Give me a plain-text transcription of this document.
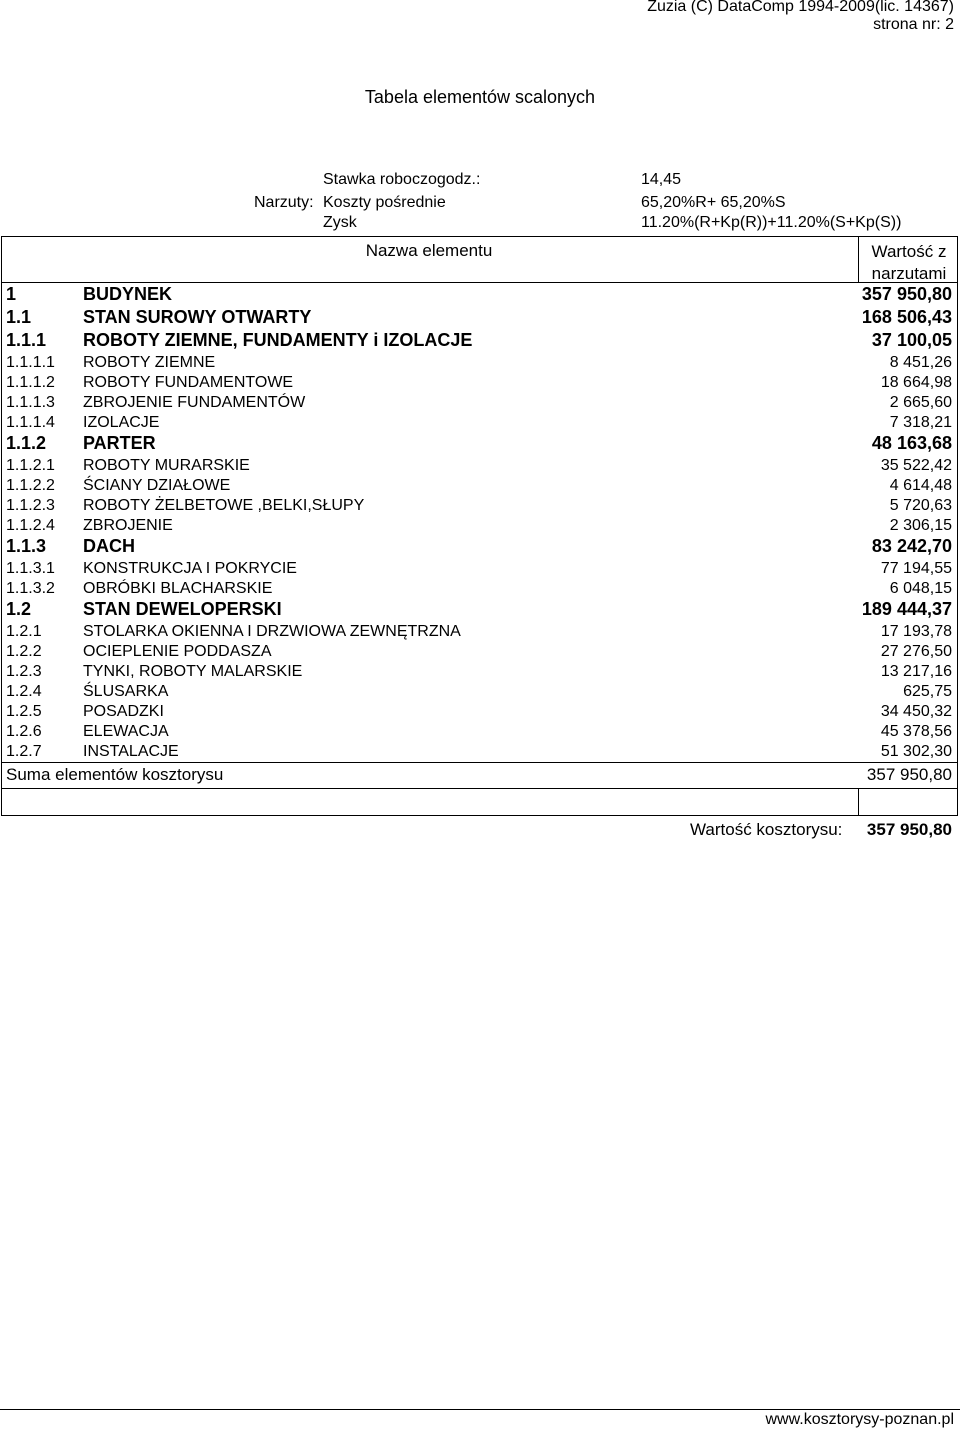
Zuzia (C) DataComp 1994-2009(lic. 14367)
strona nr: 2
Tabela elementów scalonych
Stawka roboczogodz.:	14,45
Narzuty: Koszty pośrednie	65,20%R+ 65,20%S
Zysk	11.20%(R+Kp(R))+11.20%(S+Kp(S))
Nazwa elementu	Wartość z narzutami
1	BUDYNEK	357 950,80
1.1	STAN SUROWY OTWARTY	168 506,43
1.1.1 ROBOTY ZIEMNE, FUNDAMENTY i IZOLACJE	37 100,05
1.1.1.1 ROBOTY ZIEMNE	8 451,26
1.1.1.2 ROBOTY FUNDAMENTOWE	18 664,98
1.1.1.3 ZBROJENIE FUNDAMENTÓW	2 665,60
1.1.1.4 IZOLACJE	7 318,21
1.1.2 PARTER	48 163,68
1.1.2.1 ROBOTY MURARSKIE	35 522,42
1.1.2.2 ŚCIANY DZIAŁOWE	4 614,48
1.1.2.3 ROBOTY ŻELBETOWE ,BELKI,SŁUPY	5 720,63
1.1.2.4 ZBROJENIE	2 306,15
1.1.3 DACH	83 242,70
1.1.3.1 KONSTRUKCJA I POKRYCIE	77 194,55
1.1.3.2 OBRÓBKI BLACHARSKIE	6 048,15
1.2	STAN DEWELOPERSKI	189 444,37
1.2.1	STOLARKA OKIENNA I DRZWIOWA ZEWNĘTRZNA	17 193,78
1.2.2	OCIEPLENIE PODDASZA	27 276,50
1.2.3	TYNKI, ROBOTY MALARSKIE	13 217,16
1.2.4	ŚLUSARKA	625,75
1.2.5	POSADZKI	34 450,32
1.2.6	ELEWACJA	45 378,56
1.2.7	INSTALACJE	51 302,30
Suma elementów kosztorysu	357 950,80
Wartość kosztorysu: 357 950,80
www.kosztorysy-poznan.pl
